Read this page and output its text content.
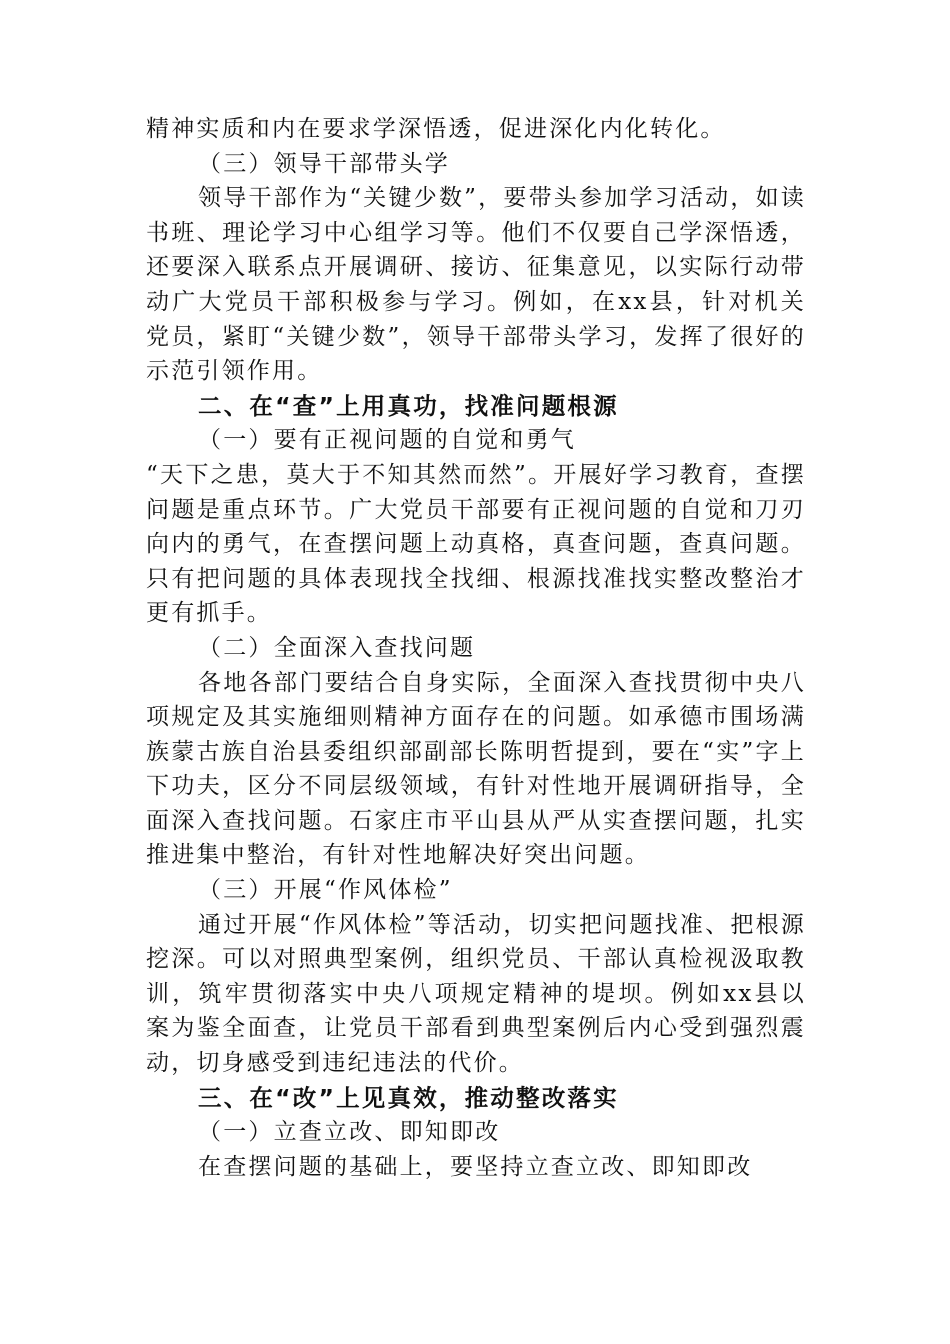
精神实质和内在要求学深悟透，促进深化内化转化。

（三）领导干部带头学

领导干部作为“关键少数”，要带头参加学习活动，如读书班、理论学习中心组学习等。他们不仅要自己学深悟透，还要深入联系点开展调研、接访、征集意见，以实际行动带动广大党员干部积极参与学习。例如，在xx县，针对机关党员，紧盯“关键少数”，领导干部带头学习，发挥了很好的示范引领作用。

二、在“查”上用真功，找准问题根源

（一）要有正视问题的自觉和勇气

“天下之患，莫大于不知其然而然”。开展好学习教育，查摆问题是重点环节。广大党员干部要有正视问题的自觉和刀刃向内的勇气，在查摆问题上动真格，真查问题，查真问题。只有把问题的具体表现找全找细、根源找准找实整改整治才更有抓手。

（二）全面深入查找问题

各地各部门要结合自身实际，全面深入查找贯彻中央八项规定及其实施细则精神方面存在的问题。如承德市围场满族蒙古族自治县委组织部副部长陈明哲提到，要在“实”字上下功夫，区分不同层级领域，有针对性地开展调研指导，全面深入查找问题。石家庄市平山县从严从实查摆问题，扎实推进集中整治，有针对性地解决好突出问题。

（三）开展“作风体检”

通过开展“作风体检”等活动，切实把问题找准、把根源挖深。可以对照典型案例，组织党员、干部认真检视汲取教训，筑牢贯彻落实中央八项规定精神的堤坝。例如xx县以案为鉴全面查，让党员干部看到典型案例后内心受到强烈震动，切身感受到违纪违法的代价。

三、在“改”上见真效，推动整改落实

（一）立查立改、即知即改

在查摆问题的基础上，要坚持立查立改、即知即改
